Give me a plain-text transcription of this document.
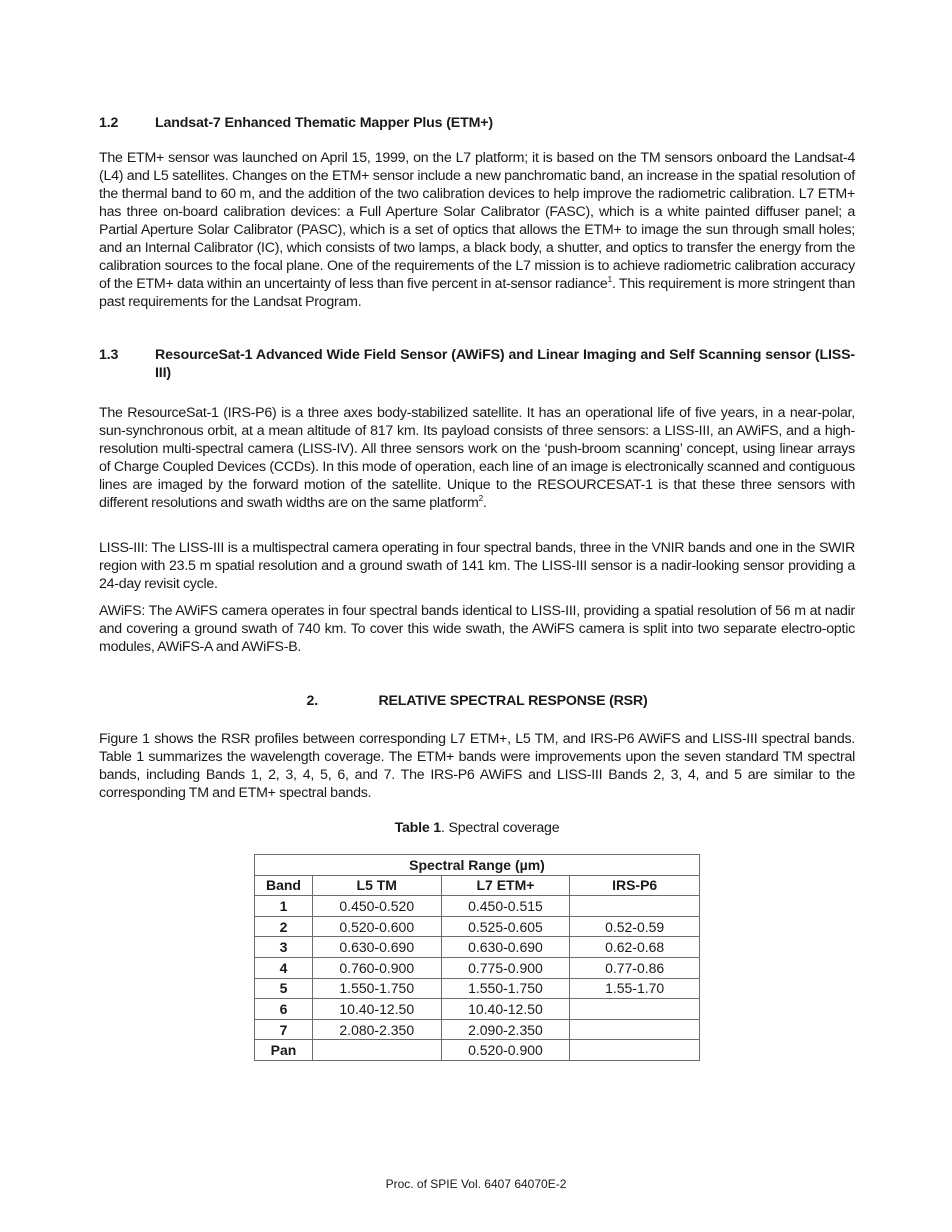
1.2	Landsat-7 Enhanced Thematic Mapper Plus (ETM+)

The ETM+ sensor was launched on April 15, 1999, on the L7 platform; it is based on the TM sensors onboard the Landsat-4 (L4) and L5 satellites. Changes on the ETM+ sensor include a new panchromatic band, an increase in the spatial resolution of the thermal band to 60 m, and the addition of the two calibration devices to help improve the radiometric calibration. L7 ETM+ has three on-board calibration devices: a Full Aperture Solar Calibrator (FASC), which is a white painted diffuser panel; a Partial Aperture Solar Calibrator (PASC), which is a set of optics that allows the ETM+ to image the sun through small holes; and an Internal Calibrator (IC), which consists of two lamps, a black body, a shutter, and optics to transfer the energy from the calibration sources to the focal plane. One of the requirements of the L7 mission is to achieve radiometric calibration accuracy of the ETM+ data within an uncertainty of less than five percent in at-sensor radiance$^1$. This requirement is more stringent than past requirements for the Landsat Program.

1.3	ResourceSat-1 Advanced Wide Field Sensor (AWiFS) and Linear Imaging and Self Scanning sensor (LISS-III)

The ResourceSat-1 (IRS-P6) is a three axes body-stabilized satellite. It has an operational life of five years, in a near-polar, sun-synchronous orbit, at a mean altitude of 817 km. Its payload consists of three sensors: a LISS-III, an AWiFS, and a high-resolution multi-spectral camera (LISS-IV). All three sensors work on the ‘push-broom scanning’ concept, using linear arrays of Charge Coupled Devices (CCDs). In this mode of operation, each line of an image is electronically scanned and contiguous lines are imaged by the forward motion of the satellite. Unique to the RESOURCESAT-1 is that these three sensors with different resolutions and swath widths are on the same platform$^2$.

LISS-III: The LISS-III is a multispectral camera operating in four spectral bands, three in the VNIR bands and one in the SWIR region with 23.5 m spatial resolution and a ground swath of 141 km. The LISS-III sensor is a nadir-looking sensor providing a 24-day revisit cycle.

AWiFS: The AWiFS camera operates in four spectral bands identical to LISS-III, providing a spatial resolution of 56 m at nadir and covering a ground swath of 740 km. To cover this wide swath, the AWiFS camera is split into two separate electro-optic modules, AWiFS-A and AWiFS-B.

2.	RELATIVE SPECTRAL RESPONSE (RSR)

Figure 1 shows the RSR profiles between corresponding L7 ETM+, L5 TM, and IRS-P6 AWiFS and LISS-III spectral bands. Table 1 summarizes the wavelength coverage. The ETM+ bands were improvements upon the seven standard TM spectral bands, including Bands 1, 2, 3, 4, 5, 6, and 7. The IRS-P6 AWiFS and LISS-III Bands 2, 3, 4, and 5 are similar to the corresponding TM and ETM+ spectral bands.

Table 1. Spectral coverage
Spectral Range (µm)			
Band	L5 TM	L7 ETM+	IRS-P6
1	0.450-0.520	0.450-0.515	
2	0.520-0.600	0.525-0.605	0.52-0.59
3	0.630-0.690	0.630-0.690	0.62-0.68
4	0.760-0.900	0.775-0.900	0.77-0.86
5	1.550-1.750	1.550-1.750	1.55-1.70
6	10.40-12.50	10.40-12.50	
7	2.080-2.350	2.090-2.350	
Pan		0.520-0.900	
Proc. of SPIE Vol. 6407 64070E-2
